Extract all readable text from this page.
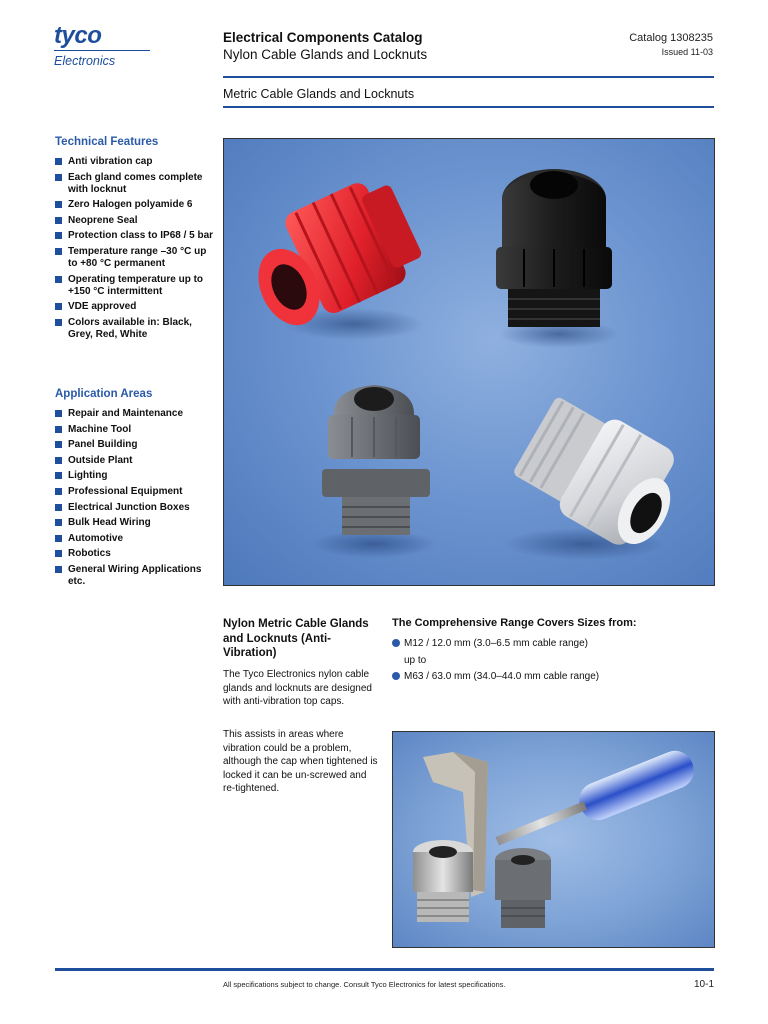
tyco
Electronics
Electrical Components Catalog
Nylon Cable Glands and Locknuts
Catalog 1308235
Issued 11-03
Metric Cable Glands and Locknuts
Technical Features
Anti vibration cap
Each gland comes complete with locknut
Zero Halogen polyamide 6
Neoprene Seal
Protection class to IP68 / 5 bar
Temperature range –30 °C up to +80 °C permanent
Operating temperature up to +150 °C intermittent
VDE approved
Colors available in: Black, Grey, Red, White
Application Areas
Repair and Maintenance
Machine Tool
Panel Building
Outside Plant
Lighting
Professional Equipment
Electrical Junction Boxes
Bulk Head Wiring
Automotive
Robotics
General Wiring Applications etc.
Nylon Metric Cable Glands and Locknuts (Anti-Vibration)
The Tyco Electronics nylon cable glands and locknuts are designed with anti-vibration top caps.
This assists in areas where vibration could be a problem, although the cap when tightened is locked it can be un-screwed and re-tightened.
The Comprehensive Range Covers Sizes from:
M12 / 12.0 mm (3.0–6.5 mm cable range)
up to
M63 / 63.0 mm (34.0–44.0 mm cable range)
All specifications subject to change. Consult Tyco Electronics for latest specifications.	10-1
